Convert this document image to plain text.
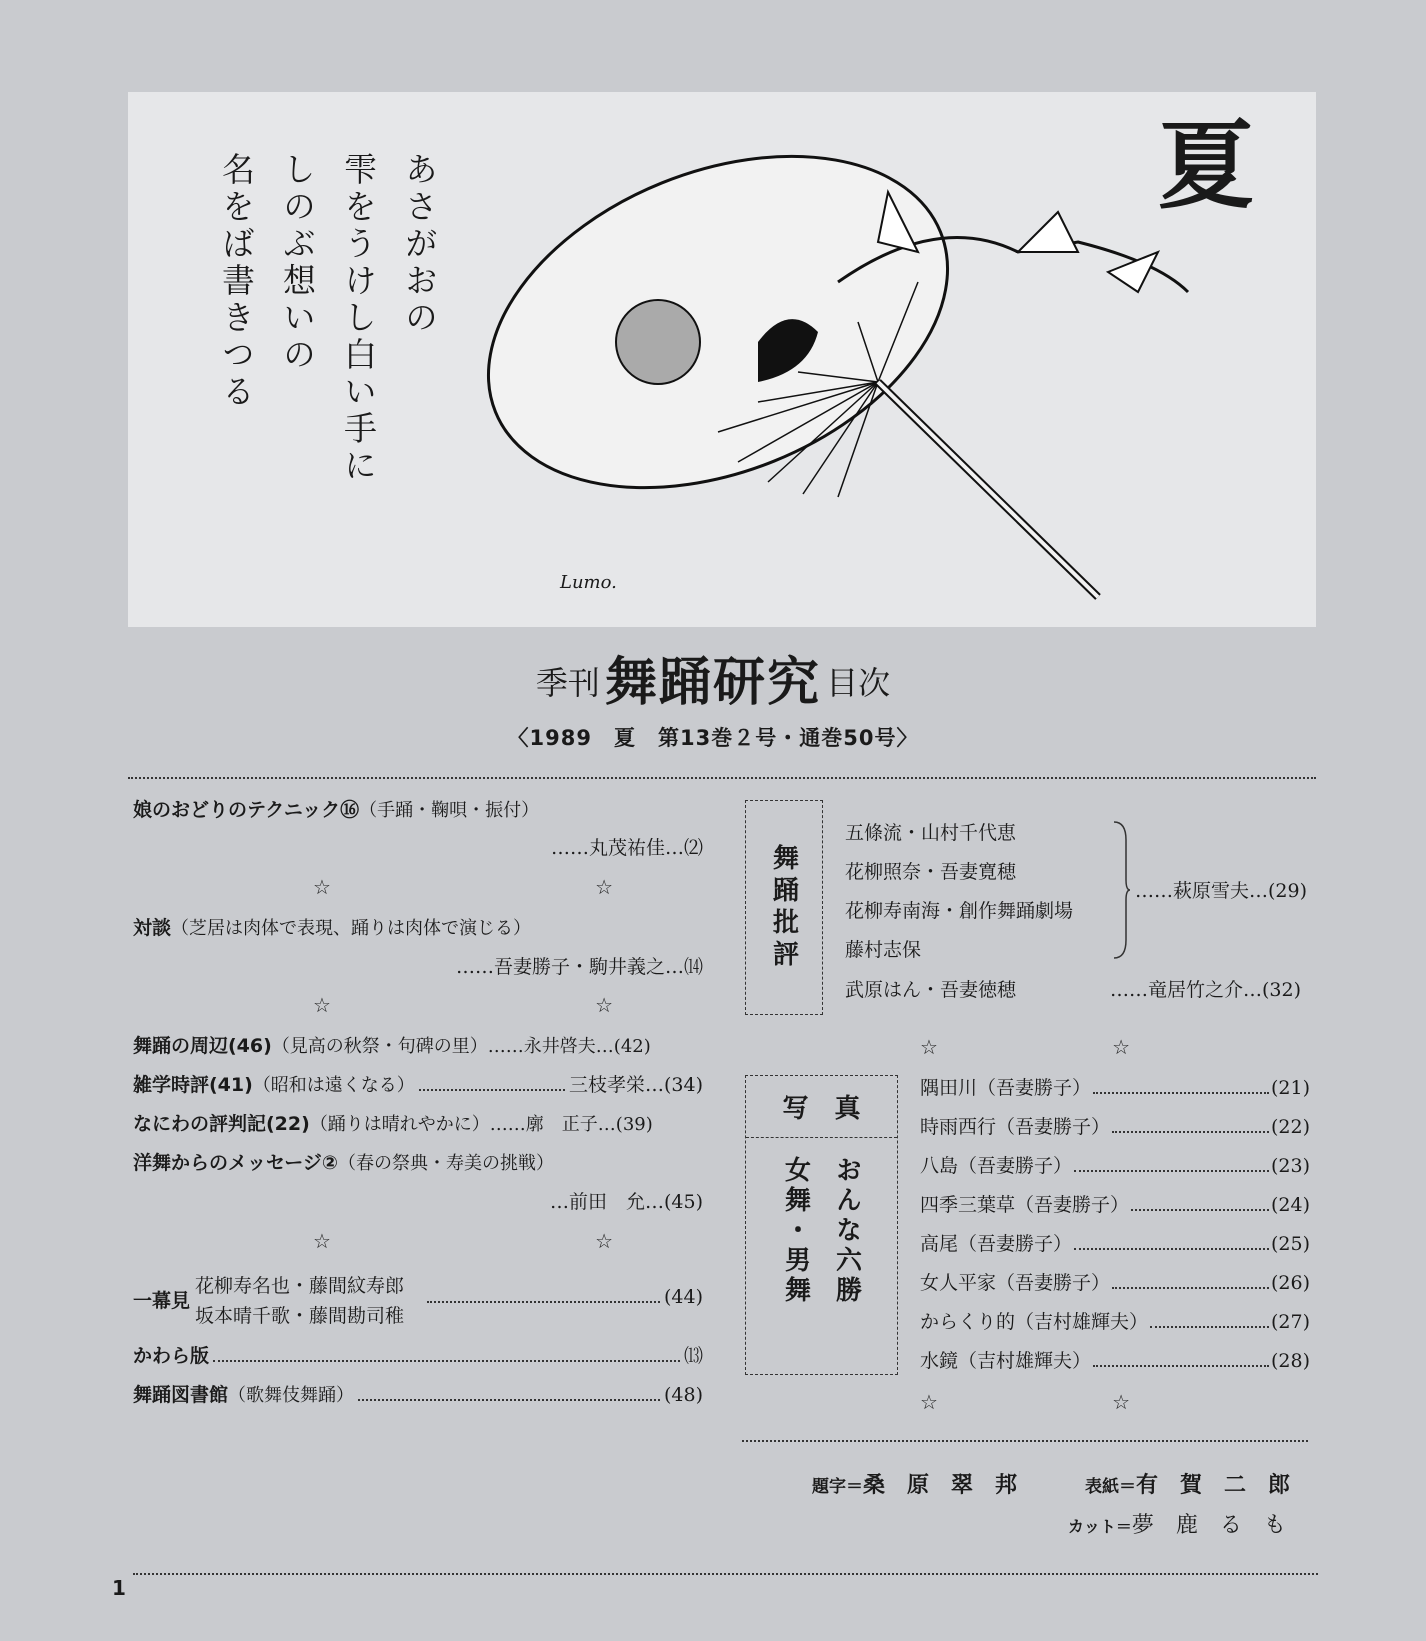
あさがおの
雫をうけし白い手に
しのぶ想いの
名をば書きつる
Lumo.
夏
季刊 舞踊研究 目次
〈1989　夏　第13巻２号・通巻50号〉
娘のおどりのテクニック⑯（手踊・鞠唄・振付）
……丸茂祐佳…⑵
☆	☆
対談（芝居は肉体で表現、踊りは肉体で演じる）
……吾妻勝子・駒井義之…⒁
☆	☆
舞踊の周辺(46)（見高の秋祭・句碑の里）……永井啓夫…(42)
雑学時評(41) （昭和は遠くなる）	三枝孝栄…(34)
なにわの評判記(22)（踊りは晴れやかに）……廓　正子…(39)
洋舞からのメッセージ②（春の祭典・寿美の挑戦）
…前田　允…(45)
☆	☆
一幕見
花柳寿名也・藤間紋寿郎
坂本晴千歌・藤間勘司稚
(44)
かわら版	⒀
舞踊図書館 （歌舞伎舞踊）	(48)
舞踊批評
五條流・山村千代恵
花柳照奈・吾妻寛穂
花柳寿南海・創作舞踊劇場
藤村志保
……萩原雪夫…(29)
武原はん・吾妻徳穂	……竜居竹之介…(32)
☆	☆
写　真
おんな六勝
女舞・男舞
隅田川（吾妻勝子）	(21)
時雨西行（吾妻勝子）	(22)
八島（吾妻勝子）	(23)
四季三葉草（吾妻勝子）	(24)
高尾（吾妻勝子）	(25)
女人平家（吾妻勝子）	(26)
からくり的（吉村雄輝夫）	(27)
水鏡（吉村雄輝夫）	(28)
☆	☆
題字＝桑　原　翠　邦	表紙＝有　賀　二　郎
カット＝夢　鹿　る　も
1
